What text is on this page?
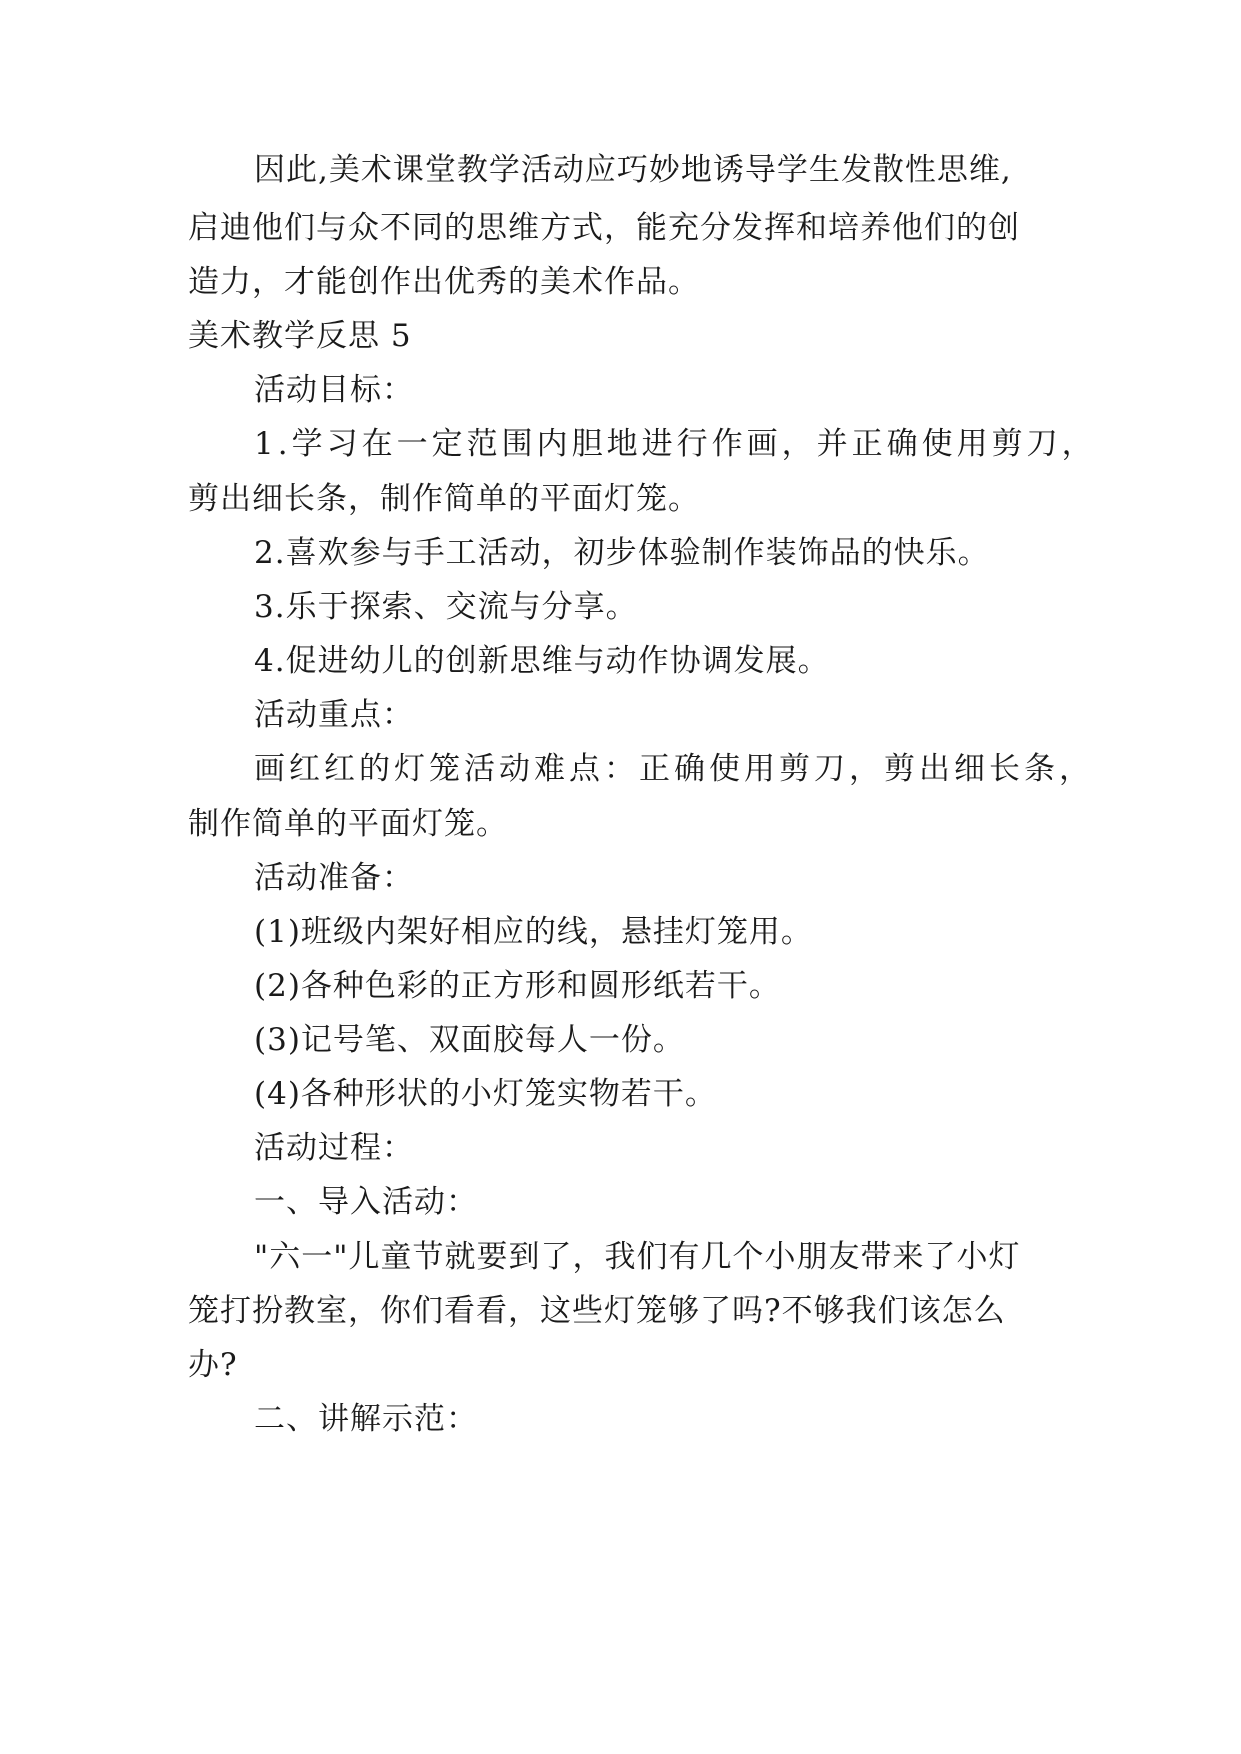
因此,美术课堂教学活动应巧妙地诱导学生发散性思维,
启迪他们与众不同的思维方式，能充分发挥和培养他们的创
造力，才能创作出优秀的美术作品。
美术教学反思 5
活动目标：
1.学习在一定范围内胆地进行作画，并正确使用剪刀，
剪出细长条，制作简单的平面灯笼。
2.喜欢参与手工活动，初步体验制作装饰品的快乐。
3.乐于探索、交流与分享。
4.促进幼儿的创新思维与动作协调发展。
活动重点：
画红红的灯笼活动难点：正确使用剪刀，剪出细长条，
制作简单的平面灯笼。
活动准备：
(1)班级内架好相应的线，悬挂灯笼用。
(2)各种色彩的正方形和圆形纸若干。
(3)记号笔、双面胶每人一份。
(4)各种形状的小灯笼实物若干。
活动过程：
一、导入活动：
"六一"儿童节就要到了，我们有几个小朋友带来了小灯
笼打扮教室，你们看看，这些灯笼够了吗?不够我们该怎么
办?
二、讲解示范：
